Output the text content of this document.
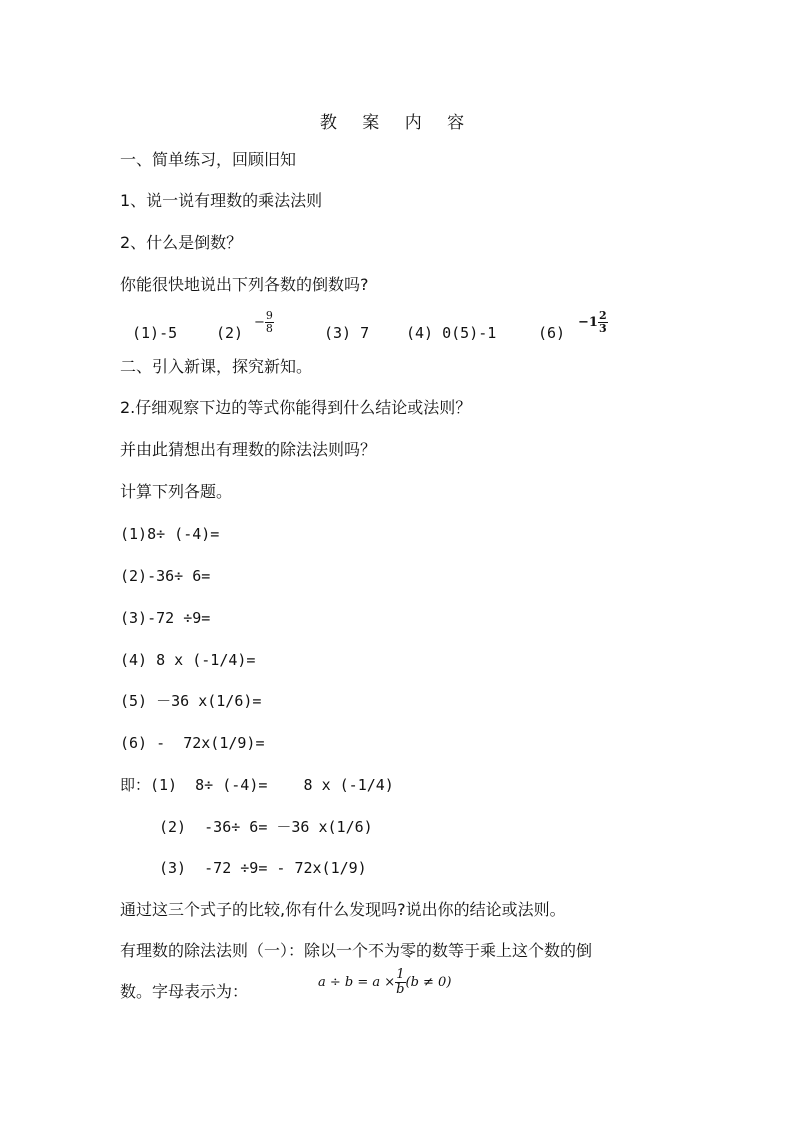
教 案 内 容
一、简单练习，回顾旧知
1、说一说有理数的乘法法则
2、什么是倒数？
你能很快地说出下列各数的倒数吗?
(1)-5	(2)
− $\frac{9}{8}$	(3) 7 (4) 0(5)-1	(6)
$-1 \frac{2}{3}$
二、引入新课，探究新知。
2.仔细观察下边的等式你能得到什么结论或法则？
并由此猜想出有理数的除法法则吗？
计算下列各题。
(1)8÷ (-4)=
(2)-36÷ 6=
(3)-72 ÷9=
(4) 8 x (-1/4)=
(5) －36 x(1/6)=
(6) -  72x(1/9)=
即：(1)  8÷ (-4)=    8 x (-1/4)
(2)  -36÷ 6= －36 x(1/6)
(3)  -72 ÷9= - 72x(1/9)
通过这三个式子的比较,你有什么发现吗?说出你的结论或法则。
有理数的除法法则（一）：除以一个不为零的数等于乘上这个数的倒
数。字母表示为：	$a \div b = a \times \frac{1}{b} (b \ne 0)$
